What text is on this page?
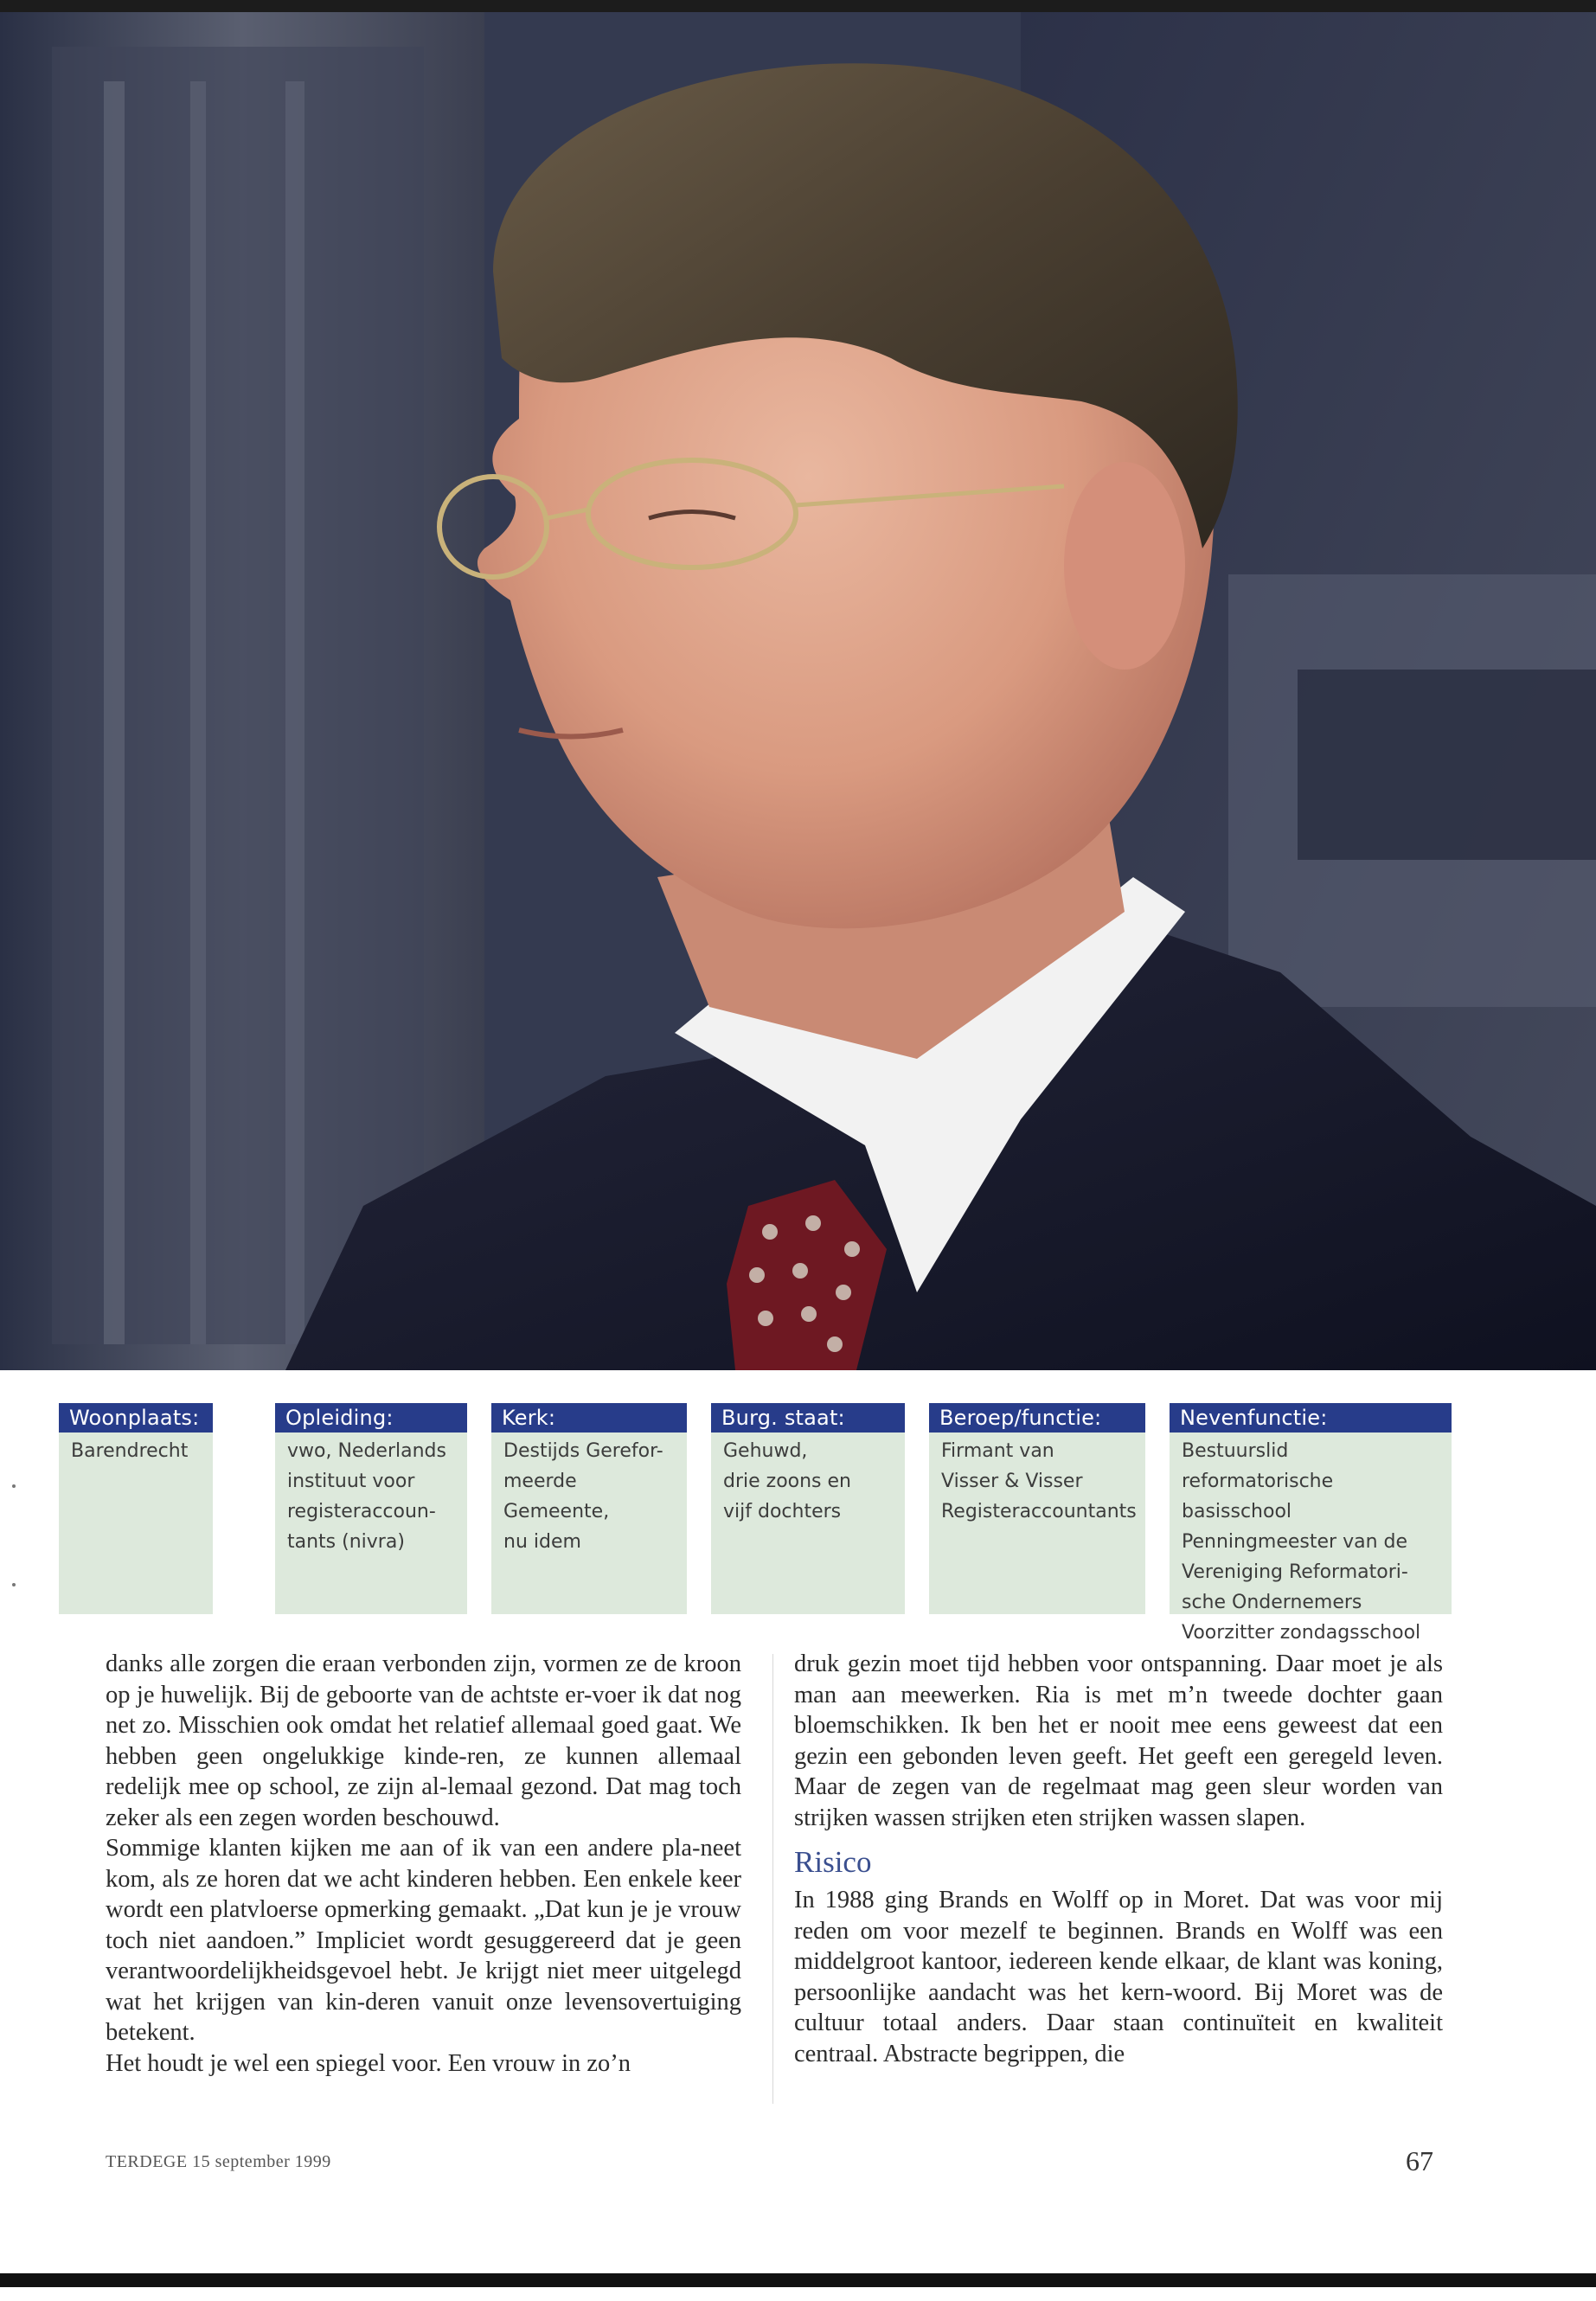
Woonplaats:
Barendrecht
Opleiding:
vwo, Nederlands
instituut voor
registeraccoun-
tants (nivra)
Kerk:
Destijds Gerefor-
meerde Gemeente,
nu idem
Burg. staat:
Gehuwd,
drie zoons en
vijf dochters
Beroep/functie:
Firmant van
Visser & Visser
Registeraccountants
Nevenfunctie:
Bestuurslid reformatorische
basisschool
Penningmeester van de
Vereniging Reformatori-
sche Ondernemers
Voorzitter zondagsschool

danks alle zorgen die eraan verbonden zijn, vormen ze de kroon op je huwelijk. Bij de geboorte van de achtste er-voer ik dat nog net zo. Misschien ook omdat het relatief allemaal goed gaat. We hebben geen ongelukkige kinde-ren, ze kunnen allemaal redelijk mee op school, ze zijn al-lemaal gezond. Dat mag toch zeker als een zegen worden beschouwd.

Sommige klanten kijken me aan of ik van een andere pla-neet kom, als ze horen dat we acht kinderen hebben. Een enkele keer wordt een platvloerse opmerking gemaakt. „Dat kun je je vrouw toch niet aandoen.” Impliciet wordt gesuggereerd dat je geen verantwoordelijkheidsgevoel hebt. Je krijgt niet meer uitgelegd wat het krijgen van kin-deren vanuit onze levensovertuiging betekent.

Het houdt je wel een spiegel voor. Een vrouw in zo’n

druk gezin moet tijd hebben voor ontspanning. Daar moet je als man aan meewerken. Ria is met m’n tweede dochter gaan bloemschikken. Ik ben het er nooit mee eens geweest dat een gezin een gebonden leven geeft. Het geeft een geregeld leven. Maar de zegen van de regelmaat mag geen sleur worden van strijken wassen strijken eten strijken wassen slapen.

Risico

In 1988 ging Brands en Wolff op in Moret. Dat was voor mij reden om voor mezelf te beginnen. Brands en Wolff was een middelgroot kantoor, iedereen kende elkaar, de klant was koning, persoonlijke aandacht was het kern-woord. Bij Moret was de cultuur totaal anders. Daar staan continuïteit en kwaliteit centraal. Abstracte begrippen, die

TERDEGE 15 september 1999	67
